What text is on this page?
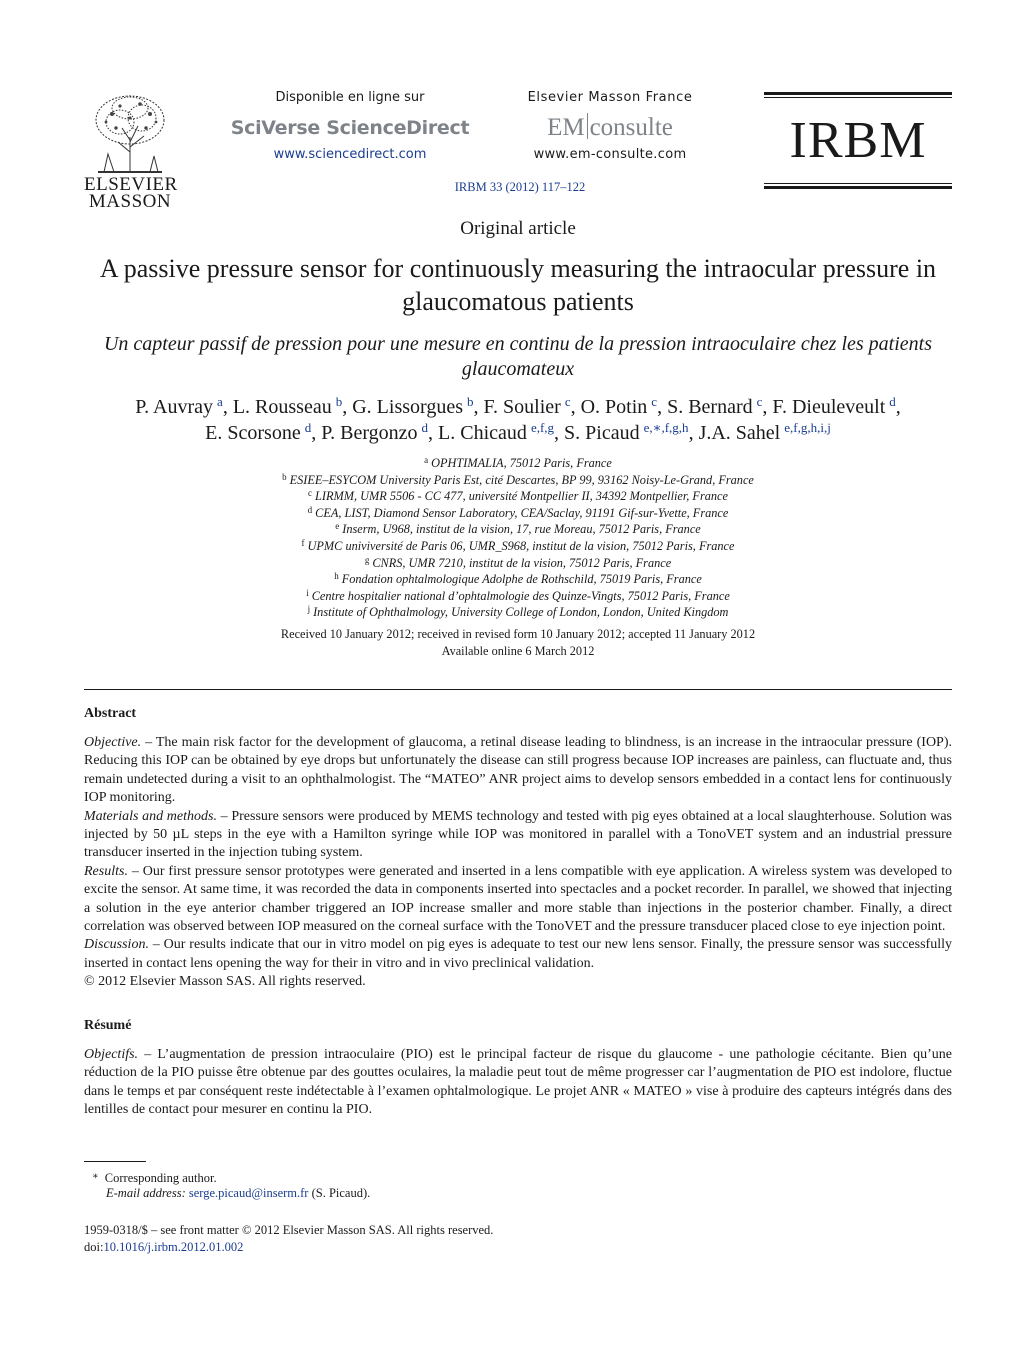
ELSEVIER
MASSON
Disponible en ligne sur
SciVerse ScienceDirect
www.sciencedirect.com
Elsevier Masson France
EM consulte
www.em-consulte.com
IRBM 33 (2012) 117–122
IRBM
Original article
A passive pressure sensor for continuously measuring the intraocular pressure in glaucomatous patients
Un capteur passif de pression pour une mesure en continu de la pression intraoculaire chez les patients glaucomateux
P. Auvray  $^a$, L. Rousseau  $^b$, G. Lissorgues  $^b$, F. Soulier  $^c$, O. Potin  $^c$, S. Bernard  $^c$, F. Dieuleveult  $^d$,
E. Scorsone  $^d$, P. Bergonzo  $^d$, L. Chicaud  $^{e,f,g}$, S. Picaud  $^{e,∗,f,g,h}$, J.A. Sahel  $^{e,f,g,h,i,j}$
$^a$ OPHTIMALIA, 75012 Paris, France
$^b$ ESIEE–ESYCOM University Paris Est, cité Descartes, BP 99, 93162 Noisy-Le-Grand, France
$^c$ LIRMM, UMR 5506 - CC 477, université Montpellier II, 34392 Montpellier, France
$^d$ CEA, LIST, Diamond Sensor Laboratory, CEA/Saclay, 91191 Gif-sur-Yvette, France
$^e$ Inserm, U968, institut de la vision, 17, rue Moreau, 75012 Paris, France
$^f$ UPMC univiversité de Paris 06, UMR_S968, institut de la vision, 75012 Paris, France
$^g$ CNRS, UMR 7210, institut de la vision, 75012 Paris, France
$^h$ Fondation ophtalmologique Adolphe de Rothschild, 75019 Paris, France
$^i$ Centre hospitalier national d’ophtalmologie des Quinze-Vingts, 75012 Paris, France
$^j$ Institute of Ophthalmology, University College of London, London, United Kingdom
Received 10 January 2012; received in revised form 10 January 2012; accepted 11 January 2012
Available online 6 March 2012
Abstract

Objective. – The main risk factor for the development of glaucoma, a retinal disease leading to blindness, is an increase in the intraocular pressure (IOP). Reducing this IOP can be obtained by eye drops but unfortunately the disease can still progress because IOP increases are painless, can fluctuate and, thus remain undetected during a visit to an ophthalmologist. The “MATEO” ANR project aims to develop sensors embedded in a contact lens for continuously IOP monitoring.

Materials and methods. – Pressure sensors were produced by MEMS technology and tested with pig eyes obtained at a local slaughterhouse. Solution was injected by 50 µL steps in the eye with a Hamilton syringe while IOP was monitored in parallel with a TonoVET system and an industrial pressure transducer inserted in the injection tubing system.

Results. – Our first pressure sensor prototypes were generated and inserted in a lens compatible with eye application. A wireless system was developed to excite the sensor. At same time, it was recorded the data in components inserted into spectacles and a pocket recorder. In parallel, we showed that injecting a solution in the eye anterior chamber triggered an IOP increase smaller and more stable than injections in the posterior chamber. Finally, a direct correlation was observed between IOP measured on the corneal surface with the TonoVET and the pressure transducer placed close to eye injection point.

Discussion. – Our results indicate that our in vitro model on pig eyes is adequate to test our new lens sensor. Finally, the pressure sensor was successfully inserted in contact lens opening the way for their in vitro and in vivo preclinical validation.

© 2012 Elsevier Masson SAS. All rights reserved.

Résumé

Objectifs. – L’augmentation de pression intraoculaire (PIO) est le principal facteur de risque du glaucome - une pathologie cécitante. Bien qu’une réduction de la PIO puisse être obtenue par des gouttes oculaires, la maladie peut tout de même progresser car l’augmentation de PIO est indolore, fluctue dans le temps et par conséquent reste indétectable à l’examen ophtalmologique. Le projet ANR « MATEO » vise à produire des capteurs intégrés dans des lentilles de contact pour mesurer en continu la PIO.

∗ Corresponding author.
E-mail address: serge.picaud@inserm.fr (S. Picaud).
1959-0318/$ – see front matter © 2012 Elsevier Masson SAS. All rights reserved.
doi:10.1016/j.irbm.2012.01.002
